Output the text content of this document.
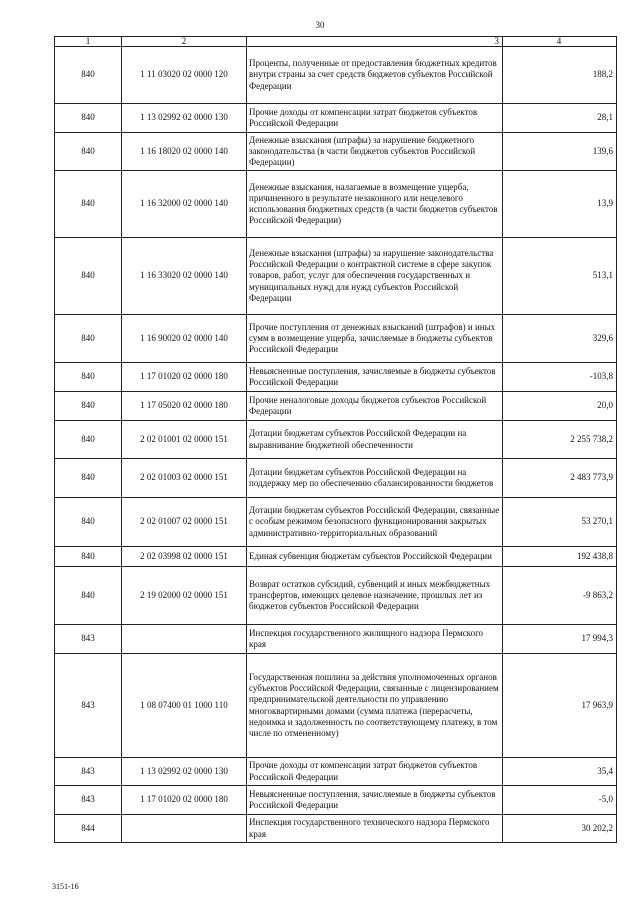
30
1	2	3	4
840	1 11 03020 02 0000 120	Проценты, полученные от предоставления бюджетных кредитов внутри страны за счет средств бюджетов субъектов Российской Федерации	188,2
840	1 13 02992 02 0000 130	Прочие доходы от компенсации затрат бюджетов субъектов Российской Федерации	28,1
840	1 16 18020 02 0000 140	Денежные взыскания (штрафы) за нарушение бюджетного законодательства (в части бюджетов субъектов Российской Федерации)	139,6
840	1 16 32000 02 0000 140	Денежные взыскания, налагаемые в возмещение ущерба, причиненного в результате незаконного или нецелевого использования бюджетных средств (в части бюджетов субъектов Российской Федерации)	13,9
840	1 16 33020 02 0000 140	Денежные взыскания (штрафы) за нарушение законодательства Российской Федерации о контрактной системе в сфере закупок товаров, работ, услуг для обеспечения государственных и муниципальных нужд для нужд субъектов Российской Федерации	513,1
840	1 16 90020 02 0000 140	Прочие поступления от денежных взысканий (штрафов) и иных сумм в возмещение ущерба, зачисляемые в бюджеты субъектов Российской Федерации	329,6
840	1 17 01020 02 0000 180	Невыясненные поступления, зачисляемые в бюджеты субъектов Российской Федерации	-103,8
840	1 17 05020 02 0000 180	Прочие неналоговые доходы бюджетов субъектов Российской Федерации	20,0
840	2 02 01001 02 0000 151	Дотации бюджетам субъектов Российской Федерации на выравнивание бюджетной обеспеченности	2 255 738,2
840	2 02 01003 02 0000 151	Дотации бюджетам субъектов Российской Федерации на поддержку мер по обеспечению сбалансированности бюджетов	2 483 773,9
840	2 02 01007 02 0000 151	Дотации бюджетам субъектов Российской Федерации, связанные с особым режимом безопасного функционирования закрытых административно-территориальных образований	53 270,1
840	2 02 03998 02 0000 151	Единая субвенция бюджетам субъектов Российской Федерации	192 438,8
840	2 19 02000 02 0000 151	Возврат остатков субсидий, субвенций и иных межбюджетных трансфертов, имеющих целевое назначение, прошлых лет из бюджетов субъектов Российской Федерации	-9 863,2
843		Инспекция государственного жилищного надзора Пермского края	17 994,3
843	1 08 07400 01 1000 110	Государственная пошлина за действия уполномоченных органов субъектов Российской Федерации, связанные с лицензированием предпринимательской деятельности по управлению многоквартирными домами (сумма платежа (перерасчеты, недоимка и задолженность по соответствующему платежу, в том числе по отмененному)	17 963,9
843	1 13 02992 02 0000 130	Прочие доходы от компенсации затрат бюджетов субъектов Российской Федерации	35,4
843	1 17 01020 02 0000 180	Невыясненные поступления, зачисляемые в бюджеты субъектов Российской Федерации	-5,0
844		Инспекция государственного технического надзора Пермского края	30 202,2
3151-16
